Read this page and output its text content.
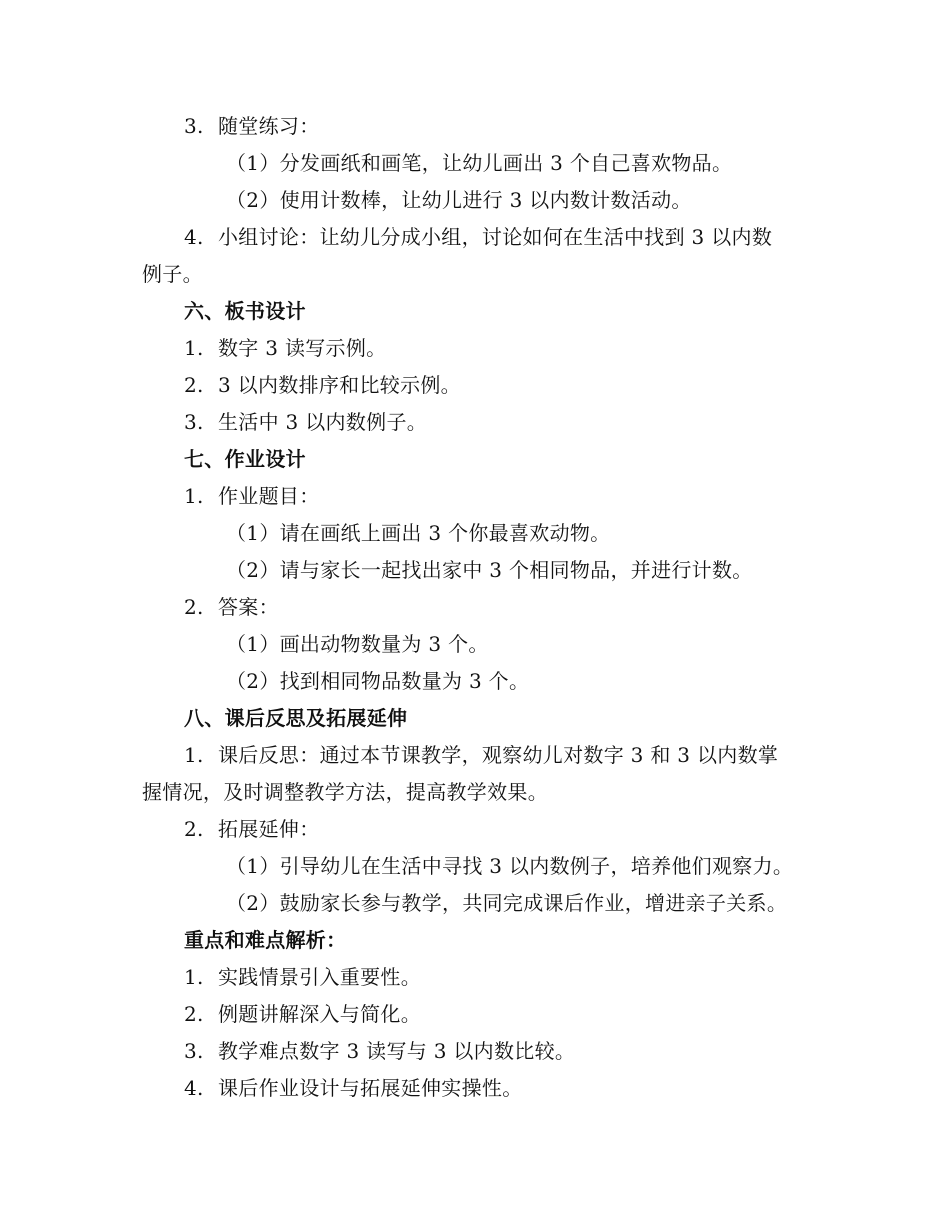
3. 随堂练习：
（1）分发画纸和画笔，让幼儿画出 3 个自己喜欢物品。
（2）使用计数棒，让幼儿进行 3 以内数计数活动。
4. 小组讨论：让幼儿分成小组，讨论如何在生活中找到 3 以内数
例子。
六、板书设计
1. 数字 3 读写示例。
2. 3 以内数排序和比较示例。
3. 生活中 3 以内数例子。
七、作业设计
1. 作业题目：
（1）请在画纸上画出 3 个你最喜欢动物。
（2）请与家长一起找出家中 3 个相同物品，并进行计数。
2. 答案：
（1）画出动物数量为 3 个。
（2）找到相同物品数量为 3 个。
八、课后反思及拓展延伸
1. 课后反思：通过本节课教学，观察幼儿对数字 3 和 3 以内数掌
握情况，及时调整教学方法，提高教学效果。
2. 拓展延伸：
（1）引导幼儿在生活中寻找 3 以内数例子，培养他们观察力。
（2）鼓励家长参与教学，共同完成课后作业，增进亲子关系。
重点和难点解析：
1. 实践情景引入重要性。
2. 例题讲解深入与简化。
3. 教学难点数字 3 读写与 3 以内数比较。
4. 课后作业设计与拓展延伸实操性。
